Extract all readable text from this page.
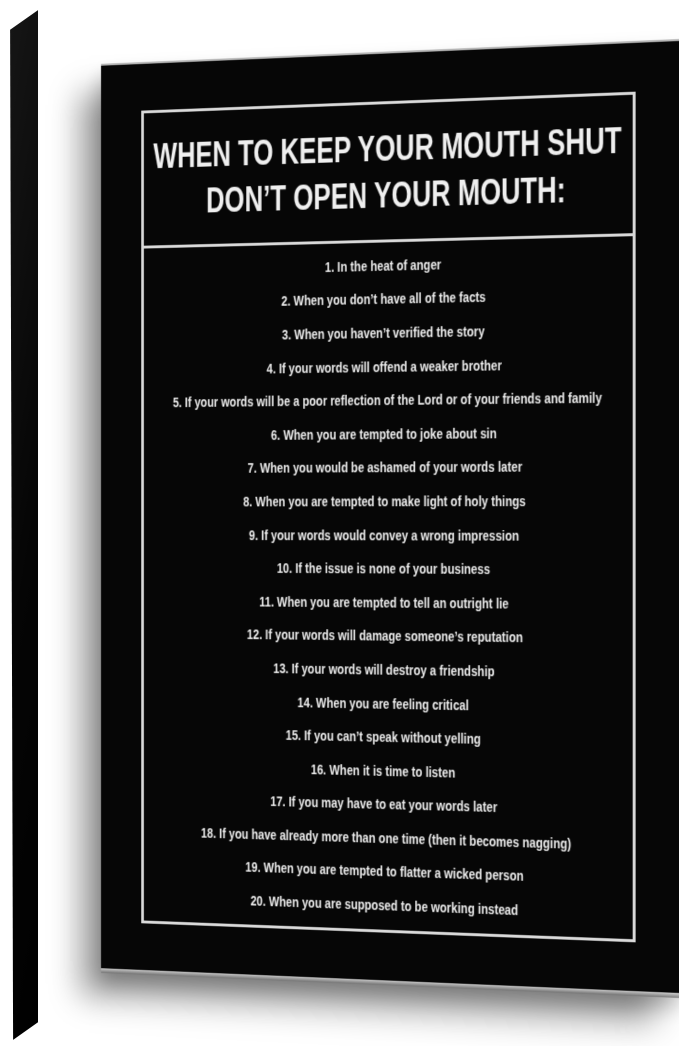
WHEN TO KEEP YOUR MOUTH SHUT
DON’T OPEN YOUR MOUTH:
1. In the heat of anger
2. When you don’t have all of the facts
3. When you haven’t verified the story
4. If your words will offend a weaker brother
5. If your words will be a poor reflection of the Lord or of your friends and family
6. When you are tempted to joke about sin
7. When you would be ashamed of your words later
8. When you are tempted to make light of holy things
9. If your words would convey a wrong impression
10. If the issue is none of your business
11. When you are tempted to tell an outright lie
12. If your words will damage someone’s reputation
13. If your words will destroy a friendship
14. When you are feeling critical
15. If you can’t speak without yelling
16. When it is time to listen
17. If you may have to eat your words later
18. If you have already more than one time (then it becomes nagging)
19. When you are tempted to flatter a wicked person
20. When you are supposed to be working instead
